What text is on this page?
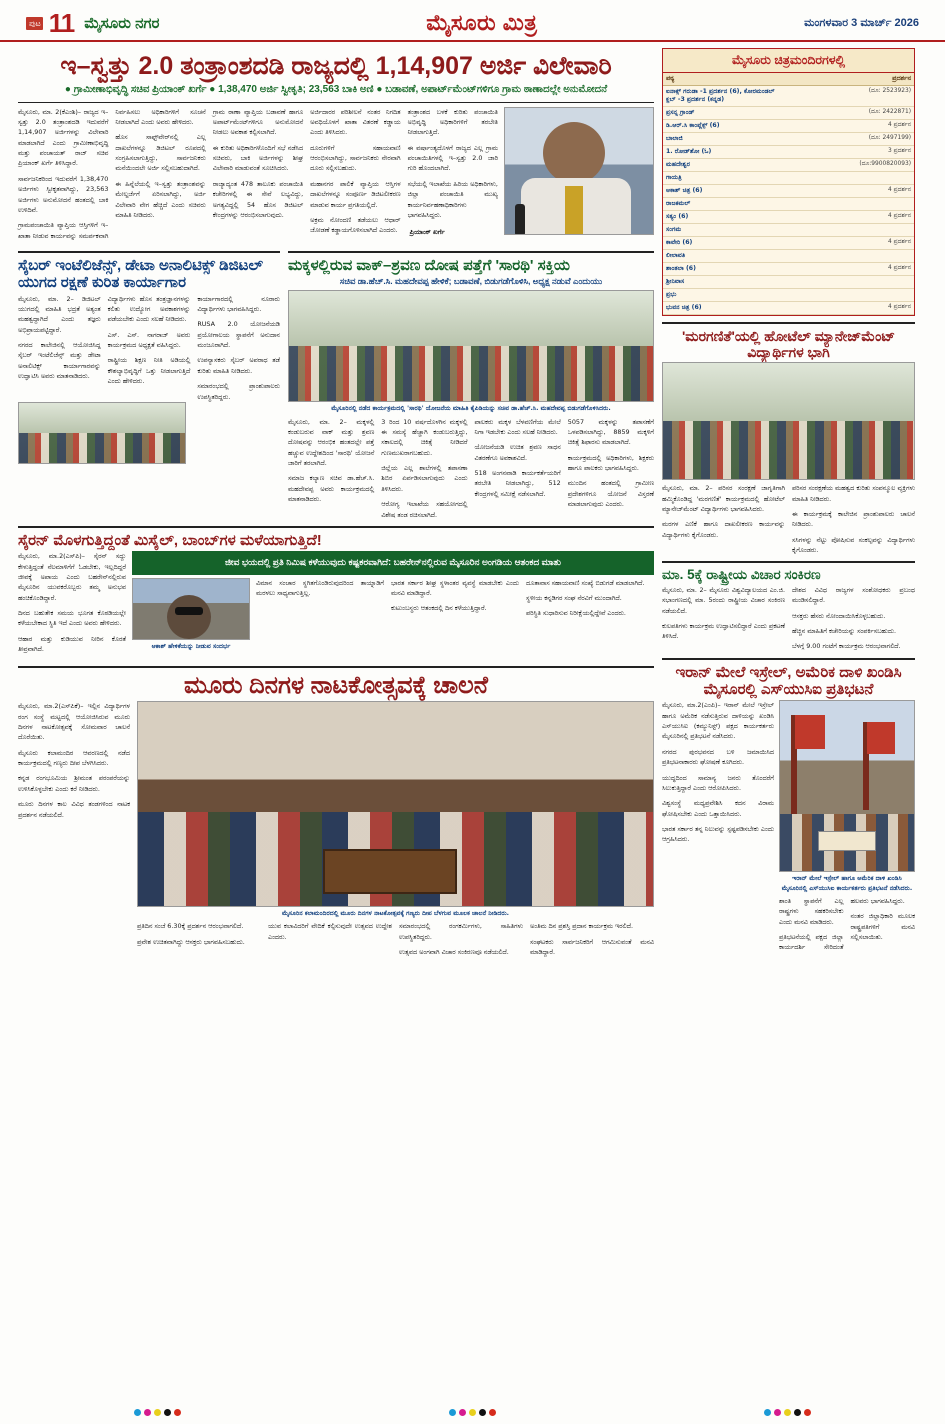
ಪುಟ 11 ಮೈಸೂರು ನಗರ	ಮೈಸೂರು ಮಿತ್ರ	ಮಂಗಳವಾರ 3 ಮಾರ್ಚ್ 2026
ಇ–ಸ್ವತ್ತು 2.0 ತಂತ್ರಾಂಶದಡಿ ರಾಜ್ಯದಲ್ಲಿ 1,14,907 ಅರ್ಜಿ ವಿಲೇವಾರಿ
● ಗ್ರಾಮೀಣಾಭಿವೃದ್ಧಿ ಸಚಿವ ಪ್ರಿಯಾಂಕ್ ಖರ್ಗೆ ● 1,38,470 ಅರ್ಜಿ ಸ್ವೀಕೃತಿ; 23,563 ಬಾಕಿ ಅಣಿ ● ಬಡಾವಣೆ, ಅಪಾರ್ಟ್‌ಮೆಂಟ್‌ಗಳಿಗೂ ಗ್ರಾಮ ಠಾಣಾದಲ್ಲೇ ಅನುಮೋದನೆ

ಮೈಸೂರು, ಮಾ. 2(ಕೆಎಂಶಿ)– ರಾಜ್ಯದ ಇ–ಸ್ವತ್ತು 2.0 ತಂತ್ರಾಂಶದಡಿ ಇದುವರೆಗೆ 1,14,907 ಅರ್ಜಿಗಳನ್ನು ವಿಲೇವಾರಿ ಮಾಡಲಾಗಿದೆ ಎಂದು ಗ್ರಾಮೀಣಾಭಿವೃದ್ಧಿ ಮತ್ತು ಪಂಚಾಯತ್ ರಾಜ್ ಸಚಿವ ಪ್ರಿಯಾಂಕ್ ಖರ್ಗೆ ತಿಳಿಸಿದ್ದಾರೆ.

ಸಾರ್ವಜನಿಕರಿಂದ ಇದುವರೆಗೆ 1,38,470 ಅರ್ಜಿಗಳು ಸ್ವೀಕೃತವಾಗಿದ್ದು, 23,563 ಅರ್ಜಿಗಳು ಅನುಮೋದನೆ ಹಂತದಲ್ಲಿ ಬಾಕಿ ಉಳಿದಿವೆ.

ಗ್ರಾಮಪಂಚಾಯಿತಿ ವ್ಯಾಪ್ತಿಯ ಆಸ್ತಿಗಳಿಗೆ ಇ–ಖಾತಾ ನೀಡುವ ಕಾರ್ಯವನ್ನು ಸಮರ್ಪಕವಾಗಿ ನಿರ್ವಹಿಸಲು ಅಧಿಕಾರಿಗಳಿಗೆ ಸೂಚನೆ ನೀಡಲಾಗಿದೆ ಎಂದು ಅವರು ಹೇಳಿದರು.

ಹೊಸ ಸಾಫ್ಟ್‌ವೇರ್‌ನಲ್ಲಿ ಎಲ್ಲ ದಾಖಲೆಗಳನ್ನೂ ಡಿಜಿಟಲ್ ರೂಪದಲ್ಲಿ ಸಂಗ್ರಹಿಸಲಾಗುತ್ತಿದ್ದು, ಸಾರ್ವಜನಿಕರು ಮನೆಯಿಂದಲೇ ಅರ್ಜಿ ಸಲ್ಲಿಸಬಹುದಾಗಿದೆ.

ಈ ಹಿನ್ನೆಲೆಯಲ್ಲಿ ಇ–ಸ್ವತ್ತು ತಂತ್ರಾಂಶವನ್ನು ಮೇಲ್ದರ್ಜೆಗೆ ಏರಿಸಲಾಗಿದ್ದು, ಅರ್ಜಿ ವಿಲೇವಾರಿ ವೇಗ ಹೆಚ್ಚಿದೆ ಎಂದು ಸಚಿವರು ಮಾಹಿತಿ ನೀಡಿದರು.

ಗ್ರಾಮ ಠಾಣಾ ವ್ಯಾಪ್ತಿಯ ಬಡಾವಣೆ ಹಾಗೂ ಅಪಾರ್ಟ್‌ಮೆಂಟ್‌ಗಳಿಗೂ ಅನುಮೋದನೆ ನೀಡಲು ಅವಕಾಶ ಕಲ್ಪಿಸಲಾಗಿದೆ.

ಈ ಕುರಿತು ಅಧಿಕಾರಿಗಳೊಂದಿಗೆ ಸಭೆ ನಡೆಸಿದ ಸಚಿವರು, ಬಾಕಿ ಅರ್ಜಿಗಳನ್ನು ಶೀಘ್ರ ವಿಲೇವಾರಿ ಮಾಡುವಂತೆ ಸೂಚಿಸಿದರು.

ರಾಜ್ಯಾದ್ಯಂತ 478 ತಾಲೂಕು ಪಂಚಾಯಿತಿ ಕಚೇರಿಗಳಲ್ಲಿ ಈ ಸೇವೆ ಲಭ್ಯವಿದ್ದು, ಅಗತ್ಯವಿದ್ದಲ್ಲಿ 54 ಹೊಸ ಡಿಜಿಟಲ್ ಕೇಂದ್ರಗಳನ್ನು ಆರಂಭಿಸಲಾಗುವುದು.

ಅರ್ಜಿದಾರರ ಪರಿಶೀಲನೆ ನಂತರ ನಿಗದಿತ ಅವಧಿಯೊಳಗೆ ಖಾತಾ ವಿತರಣೆ ಕಡ್ಡಾಯ ಎಂದು ತಿಳಿಸಿದರು.

ದೂರುಗಳಿಗೆ ಸಹಾಯವಾಣಿ ಆರಂಭಿಸಲಾಗಿದ್ದು, ಸಾರ್ವಜನಿಕರು ನೇರವಾಗಿ ದೂರು ಸಲ್ಲಿಸಬಹುದು.

ಮಹಾನಗರ ಪಾಲಿಕೆ ವ್ಯಾಪ್ತಿಯ ಆಸ್ತಿಗಳ ದಾಖಲೆಗಳನ್ನೂ ಸಂಪೂರ್ಣ ಡಿಜಿಟಲೀಕರಣ ಮಾಡುವ ಕಾರ್ಯ ಪ್ರಗತಿಯಲ್ಲಿದೆ.

ಅಕ್ರಮ ನೋಂದಣಿ ತಡೆಯಲು ಆಧಾರ್ ಜೋಡಣೆ ಕಡ್ಡಾಯಗೊಳಿಸಲಾಗಿದೆ ಎಂದರು.

ತಂತ್ರಾಂಶದ ಬಳಕೆ ಕುರಿತು ಪಂಚಾಯಿತಿ ಅಭಿವೃದ್ಧಿ ಅಧಿಕಾರಿಗಳಿಗೆ ತರಬೇತಿ ನೀಡಲಾಗುತ್ತಿದೆ.

ಈ ವರ್ಷಾಂತ್ಯದೊಳಗೆ ರಾಜ್ಯದ ಎಲ್ಲ ಗ್ರಾಮ ಪಂಚಾಯಿತಿಗಳಲ್ಲಿ ಇ–ಸ್ವತ್ತು 2.0 ಜಾರಿ ಗುರಿ ಹೊಂದಲಾಗಿದೆ.

ಸಭೆಯಲ್ಲಿ ಇಲಾಖೆಯ ಹಿರಿಯ ಅಧಿಕಾರಿಗಳು, ಜಿಲ್ಲಾ ಪಂಚಾಯಿತಿ ಮುಖ್ಯ ಕಾರ್ಯನಿರ್ವಹಣಾಧಿಕಾರಿಗಳು ಭಾಗವಹಿಸಿದ್ದರು.

ಪ್ರಿಯಾಂಕ್ ಖರ್ಗೆ

ಸೈಬರ್ ಇಂಟೆಲಿಜೆನ್ಸ್, ಡೇಟಾ ಅನಾಲಿಟಿಕ್ಸ್ ಡಿಜಿಟಲ್ ಯುಗದ ರಕ್ಷಣೆ ಕುರಿತ ಕಾರ್ಯಾಗಾರ

ಮೈಸೂರು, ಮಾ. 2– ಡಿಜಿಟಲ್ ಯುಗದಲ್ಲಿ ಮಾಹಿತಿ ಭದ್ರತೆ ಅತ್ಯಂತ ಮಹತ್ವದ್ದಾಗಿದೆ ಎಂದು ತಜ್ಞರು ಅಭಿಪ್ರಾಯಪಟ್ಟಿದ್ದಾರೆ.

ನಗರದ ಕಾಲೇಜಿನಲ್ಲಿ ಆಯೋಜಿಸಿದ್ದ ಸೈಬರ್ ಇಂಟೆಲಿಜೆನ್ಸ್ ಮತ್ತು ಡೇಟಾ ಅನಾಲಿಟಿಕ್ಸ್ ಕಾರ್ಯಾಗಾರವನ್ನು ಉದ್ಘಾಟಿಸಿ ಅವರು ಮಾತನಾಡಿದರು.

ವಿದ್ಯಾರ್ಥಿಗಳು ಹೊಸ ತಂತ್ರಜ್ಞಾನಗಳನ್ನು ಕಲಿತು ಉದ್ಯೋಗ ಅವಕಾಶಗಳನ್ನು ಪಡೆಯಬೇಕು ಎಂದು ಸಲಹೆ ನೀಡಿದರು.

ಎಸ್. ಎಸ್. ನಾಗರಾಜ್ ಅವರು ಕಾರ್ಯಕ್ರಮದ ಅಧ್ಯಕ್ಷತೆ ವಹಿಸಿದ್ದರು.

ರಾಷ್ಟ್ರೀಯ ಶಿಕ್ಷಣ ನೀತಿ ಅಡಿಯಲ್ಲಿ ಕೌಶಲ್ಯಾಭಿವೃದ್ಧಿಗೆ ಒತ್ತು ನೀಡಲಾಗುತ್ತಿದೆ ಎಂದು ಹೇಳಿದರು.

ಕಾರ್ಯಾಗಾರದಲ್ಲಿ ನೂರಾರು ವಿದ್ಯಾರ್ಥಿಗಳು ಭಾಗವಹಿಸಿದ್ದರು.

RUSA 2.0 ಯೋಜನೆಯಡಿ ಪ್ರಯೋಗಾಲಯ ಸ್ಥಾಪನೆಗೆ ಅನುದಾನ ಮಂಜೂರಾಗಿದೆ.

ಉಪನ್ಯಾಸಕರು ಸೈಬರ್ ಅಪರಾಧ ತಡೆ ಕುರಿತು ಮಾಹಿತಿ ನೀಡಿದರು.

ಸಮಾರಂಭದಲ್ಲಿ ಪ್ರಾಂಶುಪಾಲರು ಉಪಸ್ಥಿತರಿದ್ದರು.

ಮಕ್ಕಳಲ್ಲಿರುವ ವಾಕ್–ಶ್ರವಣ ದೋಷ ಪತ್ತೆಗೆ 'ಸಾರಥಿ' ಸಕ್ತಿಯ
ಸಚಿವ ಡಾ.ಹೆಚ್.ಸಿ. ಮಹದೇವಪ್ಪ ಹೇಳಿಕೆ; ಬಡಾವಣೆ, ಬಿಡುಗಡೆಗೊಳಿಸಿ, ಅಧ್ಯಕ್ಷ ನಡುವೆ ಎಂದುಯು
ಮೈಸೂರಿನಲ್ಲಿ ನಡೆದ ಕಾರ್ಯಕ್ರಮದಲ್ಲಿ 'ಸಾರಥಿ' ಯೋಜನೆಯ ಮಾಹಿತಿ ಕೈಪಿಡಿಯನ್ನು ಸಚಿವ ಡಾ.ಹೆಚ್.ಸಿ. ಮಹದೇವಪ್ಪ ಬಿಡುಗಡೆಗೊಳಿಸಿದರು.

ಮೈಸೂರು, ಮಾ. 2– ಮಕ್ಕಳಲ್ಲಿ ಕಂಡುಬರುವ ವಾಕ್ ಮತ್ತು ಶ್ರವಣ ದೋಷವನ್ನು ಆರಂಭಿಕ ಹಂತದಲ್ಲೇ ಪತ್ತೆ ಹಚ್ಚುವ ಉದ್ದೇಶದಿಂದ 'ಸಾರಥಿ' ಯೋಜನೆ ಜಾರಿಗೆ ತರಲಾಗಿದೆ.

ಸಮಾಜ ಕಲ್ಯಾಣ ಸಚಿವ ಡಾ.ಹೆಚ್.ಸಿ. ಮಹದೇವಪ್ಪ ಅವರು ಕಾರ್ಯಕ್ರಮದಲ್ಲಿ ಮಾತನಾಡಿದರು.

3 ರಿಂದ 10 ವರ್ಷದೊಳಗಿನ ಮಕ್ಕಳಲ್ಲಿ ಈ ಸಮಸ್ಯೆ ಹೆಚ್ಚಾಗಿ ಕಂಡುಬರುತ್ತಿದ್ದು, ಸಕಾಲದಲ್ಲಿ ಚಿಕಿತ್ಸೆ ನೀಡಿದರೆ ಗುಣಮುಖರಾಗಬಹುದು.

ಜಿಲ್ಲೆಯ ಎಲ್ಲ ಶಾಲೆಗಳಲ್ಲಿ ತಪಾಸಣಾ ಶಿಬಿರ ಏರ್ಪಡಿಸಲಾಗುವುದು ಎಂದು ತಿಳಿಸಿದರು.

ಆರೋಗ್ಯ ಇಲಾಖೆಯ ಸಹಯೋಗದಲ್ಲಿ ವಿಶೇಷ ತಂಡ ರಚಿಸಲಾಗಿದೆ.

ಪಾಲಕರು ಮಕ್ಕಳ ಬೆಳವಣಿಗೆಯ ಮೇಲೆ ನಿಗಾ ಇಡಬೇಕು ಎಂದು ಸಲಹೆ ನೀಡಿದರು.

ಯೋಜನೆಯಡಿ ಉಚಿತ ಶ್ರವಣ ಸಾಧನ ವಿತರಣೆಗೂ ಅವಕಾಶವಿದೆ.

518 ಅಂಗನವಾಡಿ ಕಾರ್ಯಕರ್ತೆಯರಿಗೆ ತರಬೇತಿ ನೀಡಲಾಗಿದ್ದು, 512 ಕೇಂದ್ರಗಳಲ್ಲಿ ಸಮೀಕ್ಷೆ ನಡೆಸಲಾಗಿದೆ.

5057 ಮಕ್ಕಳನ್ನು ತಪಾಸಣೆಗೆ ಒಳಪಡಿಸಲಾಗಿದ್ದು, 8859 ಮಕ್ಕಳಿಗೆ ಚಿಕಿತ್ಸೆ ಶಿಫಾರಸು ಮಾಡಲಾಗಿದೆ.

ಕಾರ್ಯಕ್ರಮದಲ್ಲಿ ಅಧಿಕಾರಿಗಳು, ಶಿಕ್ಷಕರು ಹಾಗೂ ಪಾಲಕರು ಭಾಗವಹಿಸಿದ್ದರು.

ಮುಂದಿನ ಹಂತದಲ್ಲಿ ಗ್ರಾಮೀಣ ಪ್ರದೇಶಗಳಿಗೂ ಯೋಜನೆ ವಿಸ್ತರಣೆ ಮಾಡಲಾಗುವುದು ಎಂದರು.

ಸೈರನ್ ಮೊಳಗುತ್ತಿದ್ದಂತೆ ಮಿಸೈಲ್, ಬಾಂಬ್‌ಗಳ ಮಳೆಯಾಗುತ್ತಿದೆ!

ಮೈಸೂರು, ಮಾ.2(ಎಸ್‌ಪಿ)– ಸೈರನ್ ಸದ್ದು ಕೇಳುತ್ತಿದ್ದಂತೆ ನೆಲಮಾಳಿಗೆಗೆ ಓಡಬೇಕು, ಇಲ್ಲದಿದ್ದರೆ ಜೀವಕ್ಕೆ ಅಪಾಯ ಎಂದು ಬಹರೇನ್‌ನಲ್ಲಿರುವ ಮೈಸೂರಿನ ಯುವಕರೊಬ್ಬರು ತಮ್ಮ ಅನುಭವ ಹಂಚಿಕೊಂಡಿದ್ದಾರೆ.

ದಿನದ ಬಹುತೇಕ ಸಮಯ ಭೂಗತ ಕೊಠಡಿಯಲ್ಲೇ ಕಳೆಯಬೇಕಾದ ಸ್ಥಿತಿ ಇದೆ ಎಂದು ಅವರು ಹೇಳಿದರು.

ಆಹಾರ ಮತ್ತು ಕುಡಿಯುವ ನೀರಿನ ಕೊರತೆ ತೀವ್ರವಾಗಿದೆ.

ಜೀವ ಭಯದಲ್ಲಿ ಪ್ರತಿ ನಿಮಿಷ ಕಳೆಯುವುದು ಕಷ್ಟಕರವಾಗಿದೆ: ಬಹರೇನ್‌ನಲ್ಲಿರುವ ಮೈಸೂರಿನ ಅಂಗಡಿಯ ಆತಂಕದ ಮಾತು
ಆಕಾಶ್ ಹೇಳಿಕೆಯನ್ನು ನೀಡುವ ಸಂದರ್ಭ

ವಿಮಾನ ಸಂಚಾರ ಸ್ಥಗಿತಗೊಂಡಿರುವುದರಿಂದ ತಾಯ್ನಾಡಿಗೆ ಮರಳಲು ಸಾಧ್ಯವಾಗುತ್ತಿಲ್ಲ.

ಭಾರತ ಸರ್ಕಾರ ಶೀಘ್ರ ಸ್ಥಳಾಂತರ ವ್ಯವಸ್ಥೆ ಮಾಡಬೇಕು ಎಂದು ಮನವಿ ಮಾಡಿದ್ದಾರೆ.

ಕುಟುಂಬಸ್ಥರು ಆತಂಕದಲ್ಲಿ ದಿನ ಕಳೆಯುತ್ತಿದ್ದಾರೆ.

ದೂತಾವಾಸ ಸಹಾಯವಾಣಿ ಸಂಖ್ಯೆ ಬಿಡುಗಡೆ ಮಾಡಲಾಗಿದೆ.

ಸ್ಥಳೀಯ ಕನ್ನಡಿಗರ ಸಂಘ ನೆರವಿಗೆ ಮುಂದಾಗಿದೆ.

ಪರಿಸ್ಥಿತಿ ಸುಧಾರಿಸುವ ನಿರೀಕ್ಷೆಯಲ್ಲಿದ್ದೇವೆ ಎಂದರು.

ಮೂರು ದಿನಗಳ ನಾಟಕೋತ್ಸವಕ್ಕೆ ಚಾಲನೆ

ಮೈಸೂರು, ಮಾ.2(ಎಸ್‌ಪಿಕೆ)– ಇಲ್ಲಿನ ವಿದ್ಯಾರ್ಥಿಗಳ ರಂಗ ಸಂಸ್ಥೆ ಮಟ್ಟದಲ್ಲಿ ಆಯೋಜಿಸಿರುವ ಮೂರು ದಿನಗಳ ನಾಟಕೋತ್ಸವಕ್ಕೆ ಸೋಮವಾರ ಚಾಲನೆ ದೊರೆಯಿತು.

ಮೈಸೂರು ಕಲಾಮಂದಿರ ಆವರಣದಲ್ಲಿ ನಡೆದ ಕಾರ್ಯಕ್ರಮದಲ್ಲಿ ಗಣ್ಯರು ದೀಪ ಬೆಳಗಿಸಿದರು.

ಕನ್ನಡ ರಂಗಭೂಮಿಯ ಶ್ರೀಮಂತ ಪರಂಪರೆಯನ್ನು ಉಳಿಸಿಕೊಳ್ಳಬೇಕು ಎಂದು ಕರೆ ನೀಡಿದರು.

ಮೂರು ದಿನಗಳ ಕಾಲ ವಿವಿಧ ತಂಡಗಳಿಂದ ನಾಟಕ ಪ್ರದರ್ಶನ ನಡೆಯಲಿದೆ.

ಮೈಸೂರಿನ ಕಲಾಮಂದಿರದಲ್ಲಿ ಮೂರು ದಿನಗಳ ನಾಟಕೋತ್ಸವಕ್ಕೆ ಗಣ್ಯರು ದೀಪ ಬೆಳಗುವ ಮೂಲಕ ಚಾಲನೆ ನೀಡಿದರು.

ಪ್ರತಿದಿನ ಸಂಜೆ 6.30ಕ್ಕೆ ಪ್ರದರ್ಶನ ಆರಂಭವಾಗಲಿದೆ.

ಪ್ರವೇಶ ಉಚಿತವಾಗಿದ್ದು ಆಸಕ್ತರು ಭಾಗವಹಿಸಬಹುದು.

ಯುವ ಕಲಾವಿದರಿಗೆ ವೇದಿಕೆ ಕಲ್ಪಿಸುವುದೇ ಉತ್ಸವದ ಉದ್ದೇಶ ಎಂದರು.

ಸಮಾರಂಭದಲ್ಲಿ ರಂಗಕರ್ಮಿಗಳು, ಸಾಹಿತಿಗಳು ಉಪಸ್ಥಿತರಿದ್ದರು.

ಉತ್ಸವದ ಅಂಗವಾಗಿ ವಿಚಾರ ಸಂಕಿರಣವೂ ನಡೆಯಲಿದೆ.

ಅಂತಿಮ ದಿನ ಪ್ರಶಸ್ತಿ ಪ್ರದಾನ ಕಾರ್ಯಕ್ರಮ ಇರಲಿದೆ.

ಸಂಘಟಕರು ಸಾರ್ವಜನಿಕರಿಗೆ ಆಗಮಿಸುವಂತೆ ಮನವಿ ಮಾಡಿದ್ದಾರೆ.

ಮೈಸೂರು ಚಿತ್ರಮಂದಿರಗಳಲ್ಲಿ
ಪಠ್ಯ	ಪ್ರದರ್ಶನ
ಐನಾಕ್ಸ್ ಗರುಡಾ -1 ಪ್ರದರ್ಶನ (6), ಕೋರಮಂಡಲ್ ಕ್ಲಬ್ -3 ಪ್ರದರ್ಶನ (ಕನ್ನಡ)	(ದೂ: 2523923)
ಪ್ರಸನ್ನ ಗ್ರಾಂಡ್	(ದೂ: 2422871)
ಡಿ.ಆರ್.ಸಿ ಕಾಂಪ್ಲೆಕ್ಸ್ (6)	4 ಪ್ರದರ್ಶನ
ಬಾಲಾಜಿ	(ದೂ: 2497199)
1. ರೋಡ್‌ಶೋ (ಓ)	3 ಪ್ರದರ್ಶನ
ಮಹದೇಶ್ವರ	(ದೂ:9900820093)
ಗಾಯತ್ರಿ	
ಆಕಾಶ್ ಚಿತ್ರ (6)	4 ಪ್ರದರ್ಶನ
ರಾಜಕಮಲ್	
ಸತ್ಯಂ (6)	4 ಪ್ರದರ್ಶನ
ಸಂಗಮ	
ಕಾವೇರಿ (6)	4 ಪ್ರದರ್ಶನ
ಲೀಲಾವತಿ	
ಶಾಂತಲಾ (6)	4 ಪ್ರದರ್ಶನ
ಶ್ರೀನಿವಾಸ	
ಪ್ರಭು	
ಭುವನ ಚಿತ್ರ (6)	4 ಪ್ರದರ್ಶನ
'ಮರಗಣಿತೆ'ಯಲ್ಲಿ ಹೋಟೆಲ್ ಮ್ಯಾನೇಜ್‌ಮೆಂಟ್ ವಿದ್ಯಾರ್ಥಿಗಳ ಭಾಗಿ

ಮೈಸೂರು, ಮಾ. 2– ಪರಿಸರ ಸಂರಕ್ಷಣೆ ಜಾಗೃತಿಗಾಗಿ ಹಮ್ಮಿಕೊಂಡಿದ್ದ 'ಮರಗಣಿತೆ' ಕಾರ್ಯಕ್ರಮದಲ್ಲಿ ಹೋಟೆಲ್ ಮ್ಯಾನೇಜ್‌ಮೆಂಟ್ ವಿದ್ಯಾರ್ಥಿಗಳು ಭಾಗವಹಿಸಿದರು.

ಮರಗಳ ಎಣಿಕೆ ಹಾಗೂ ದಾಖಲೀಕರಣ ಕಾರ್ಯವನ್ನು ವಿದ್ಯಾರ್ಥಿಗಳು ಕೈಗೊಂಡರು.

ಪರಿಸರ ಸಂರಕ್ಷಣೆಯ ಮಹತ್ವದ ಕುರಿತು ಸಂಪನ್ಮೂಲ ವ್ಯಕ್ತಿಗಳು ಮಾಹಿತಿ ನೀಡಿದರು.

ಈ ಕಾರ್ಯಕ್ರಮಕ್ಕೆ ಕಾಲೇಜಿನ ಪ್ರಾಂಶುಪಾಲರು ಚಾಲನೆ ನೀಡಿದರು.

ಸಸಿಗಳನ್ನು ನೆಟ್ಟು ಪೋಷಿಸುವ ಸಂಕಲ್ಪವನ್ನು ವಿದ್ಯಾರ್ಥಿಗಳು ಕೈಗೊಂಡರು.

ಮಾ. 5ಕ್ಕೆ ರಾಷ್ಟ್ರೀಯ ವಿಚಾರ ಸಂಕಿರಣ

ಮೈಸೂರು, ಮಾ. 2– ಮೈಸೂರು ವಿಶ್ವವಿದ್ಯಾಲಯದ ಎಂ.ಜಿ. ಸಭಾಂಗಣದಲ್ಲಿ ಮಾ. 5ರಂದು ರಾಷ್ಟ್ರೀಯ ವಿಚಾರ ಸಂಕಿರಣ ನಡೆಯಲಿದೆ.

ಕುಲಪತಿಗಳು ಕಾರ್ಯಕ್ರಮ ಉದ್ಘಾಟಿಸಲಿದ್ದಾರೆ ಎಂದು ಪ್ರಕಟಣೆ ತಿಳಿಸಿದೆ.

ದೇಶದ ವಿವಿಧ ರಾಜ್ಯಗಳ ಸಂಶೋಧಕರು ಪ್ರಬಂಧ ಮಂಡಿಸಲಿದ್ದಾರೆ.

ಆಸಕ್ತರು ಹೆಸರು ನೋಂದಾಯಿಸಿಕೊಳ್ಳಬಹುದು.

ಹೆಚ್ಚಿನ ಮಾಹಿತಿಗೆ ಕಚೇರಿಯನ್ನು ಸಂಪರ್ಕಿಸಬಹುದು.

ಬೆಳಗ್ಗೆ 9.00 ಗಂಟೆಗೆ ಕಾರ್ಯಕ್ರಮ ಆರಂಭವಾಗಲಿದೆ.

ಇರಾನ್ ಮೇಲೆ ಇಸ್ರೇಲ್, ಅಮೆರಿಕ ದಾಳಿ ಖಂಡಿಸಿ ಮೈಸೂರಲ್ಲಿ ಎಸ್‌ಯುಸಿಐ ಪ್ರತಿಭಟನೆ

ಮೈಸೂರು, ಮಾ.2(ಎಂಪಿ)– ಇರಾನ್ ಮೇಲೆ ಇಸ್ರೇಲ್ ಹಾಗೂ ಅಮೆರಿಕ ನಡೆಸುತ್ತಿರುವ ದಾಳಿಯನ್ನು ಖಂಡಿಸಿ ಎಸ್‌ಯುಸಿಐ (ಕಮ್ಯುನಿಸ್ಟ್) ಪಕ್ಷದ ಕಾರ್ಯಕರ್ತರು ಮೈಸೂರಿನಲ್ಲಿ ಪ್ರತಿಭಟನೆ ನಡೆಸಿದರು.

ನಗರದ ಪುರಭವನದ ಬಳಿ ಜಮಾಯಿಸಿದ ಪ್ರತಿಭಟನಾಕಾರರು ಘೋಷಣೆ ಕೂಗಿದರು.

ಯುದ್ಧದಿಂದ ಸಾಮಾನ್ಯ ಜನರು ತೊಂದರೆಗೆ ಸಿಲುಕುತ್ತಿದ್ದಾರೆ ಎಂದು ಆರೋಪಿಸಿದರು.

ವಿಶ್ವಸಂಸ್ಥೆ ಮಧ್ಯಪ್ರವೇಶಿಸಿ ಕದನ ವಿರಾಮ ಘೋಷಿಸಬೇಕು ಎಂದು ಒತ್ತಾಯಿಸಿದರು.

ಭಾರತ ಸರ್ಕಾರ ತನ್ನ ನಿಲುವನ್ನು ಸ್ಪಷ್ಟಪಡಿಸಬೇಕು ಎಂದು ಆಗ್ರಹಿಸಿದರು.

ಇರಾನ್ ಮೇಲೆ ಇಸ್ರೇಲ್ ಹಾಗೂ ಅಮೆರಿಕ ದಾಳಿ ಖಂಡಿಸಿ ಮೈಸೂರಿನಲ್ಲಿ ಎಸ್‌ಯುಸಿಐ ಕಾರ್ಯಕರ್ತರು ಪ್ರತಿಭಟನೆ ನಡೆಸಿದರು.

ಶಾಂತಿ ಸ್ಥಾಪನೆಗೆ ಎಲ್ಲ ರಾಷ್ಟ್ರಗಳು ಸಹಕರಿಸಬೇಕು ಎಂದು ಮನವಿ ಮಾಡಿದರು.

ಪ್ರತಿಭಟನೆಯಲ್ಲಿ ಪಕ್ಷದ ಜಿಲ್ಲಾ ಕಾರ್ಯದರ್ಶಿ ಸೇರಿದಂತೆ ಹಲವರು ಭಾಗವಹಿಸಿದ್ದರು.

ನಂತರ ಜಿಲ್ಲಾಧಿಕಾರಿ ಮೂಲಕ ರಾಷ್ಟ್ರಪತಿಗಳಿಗೆ ಮನವಿ ಸಲ್ಲಿಸಲಾಯಿತು.
